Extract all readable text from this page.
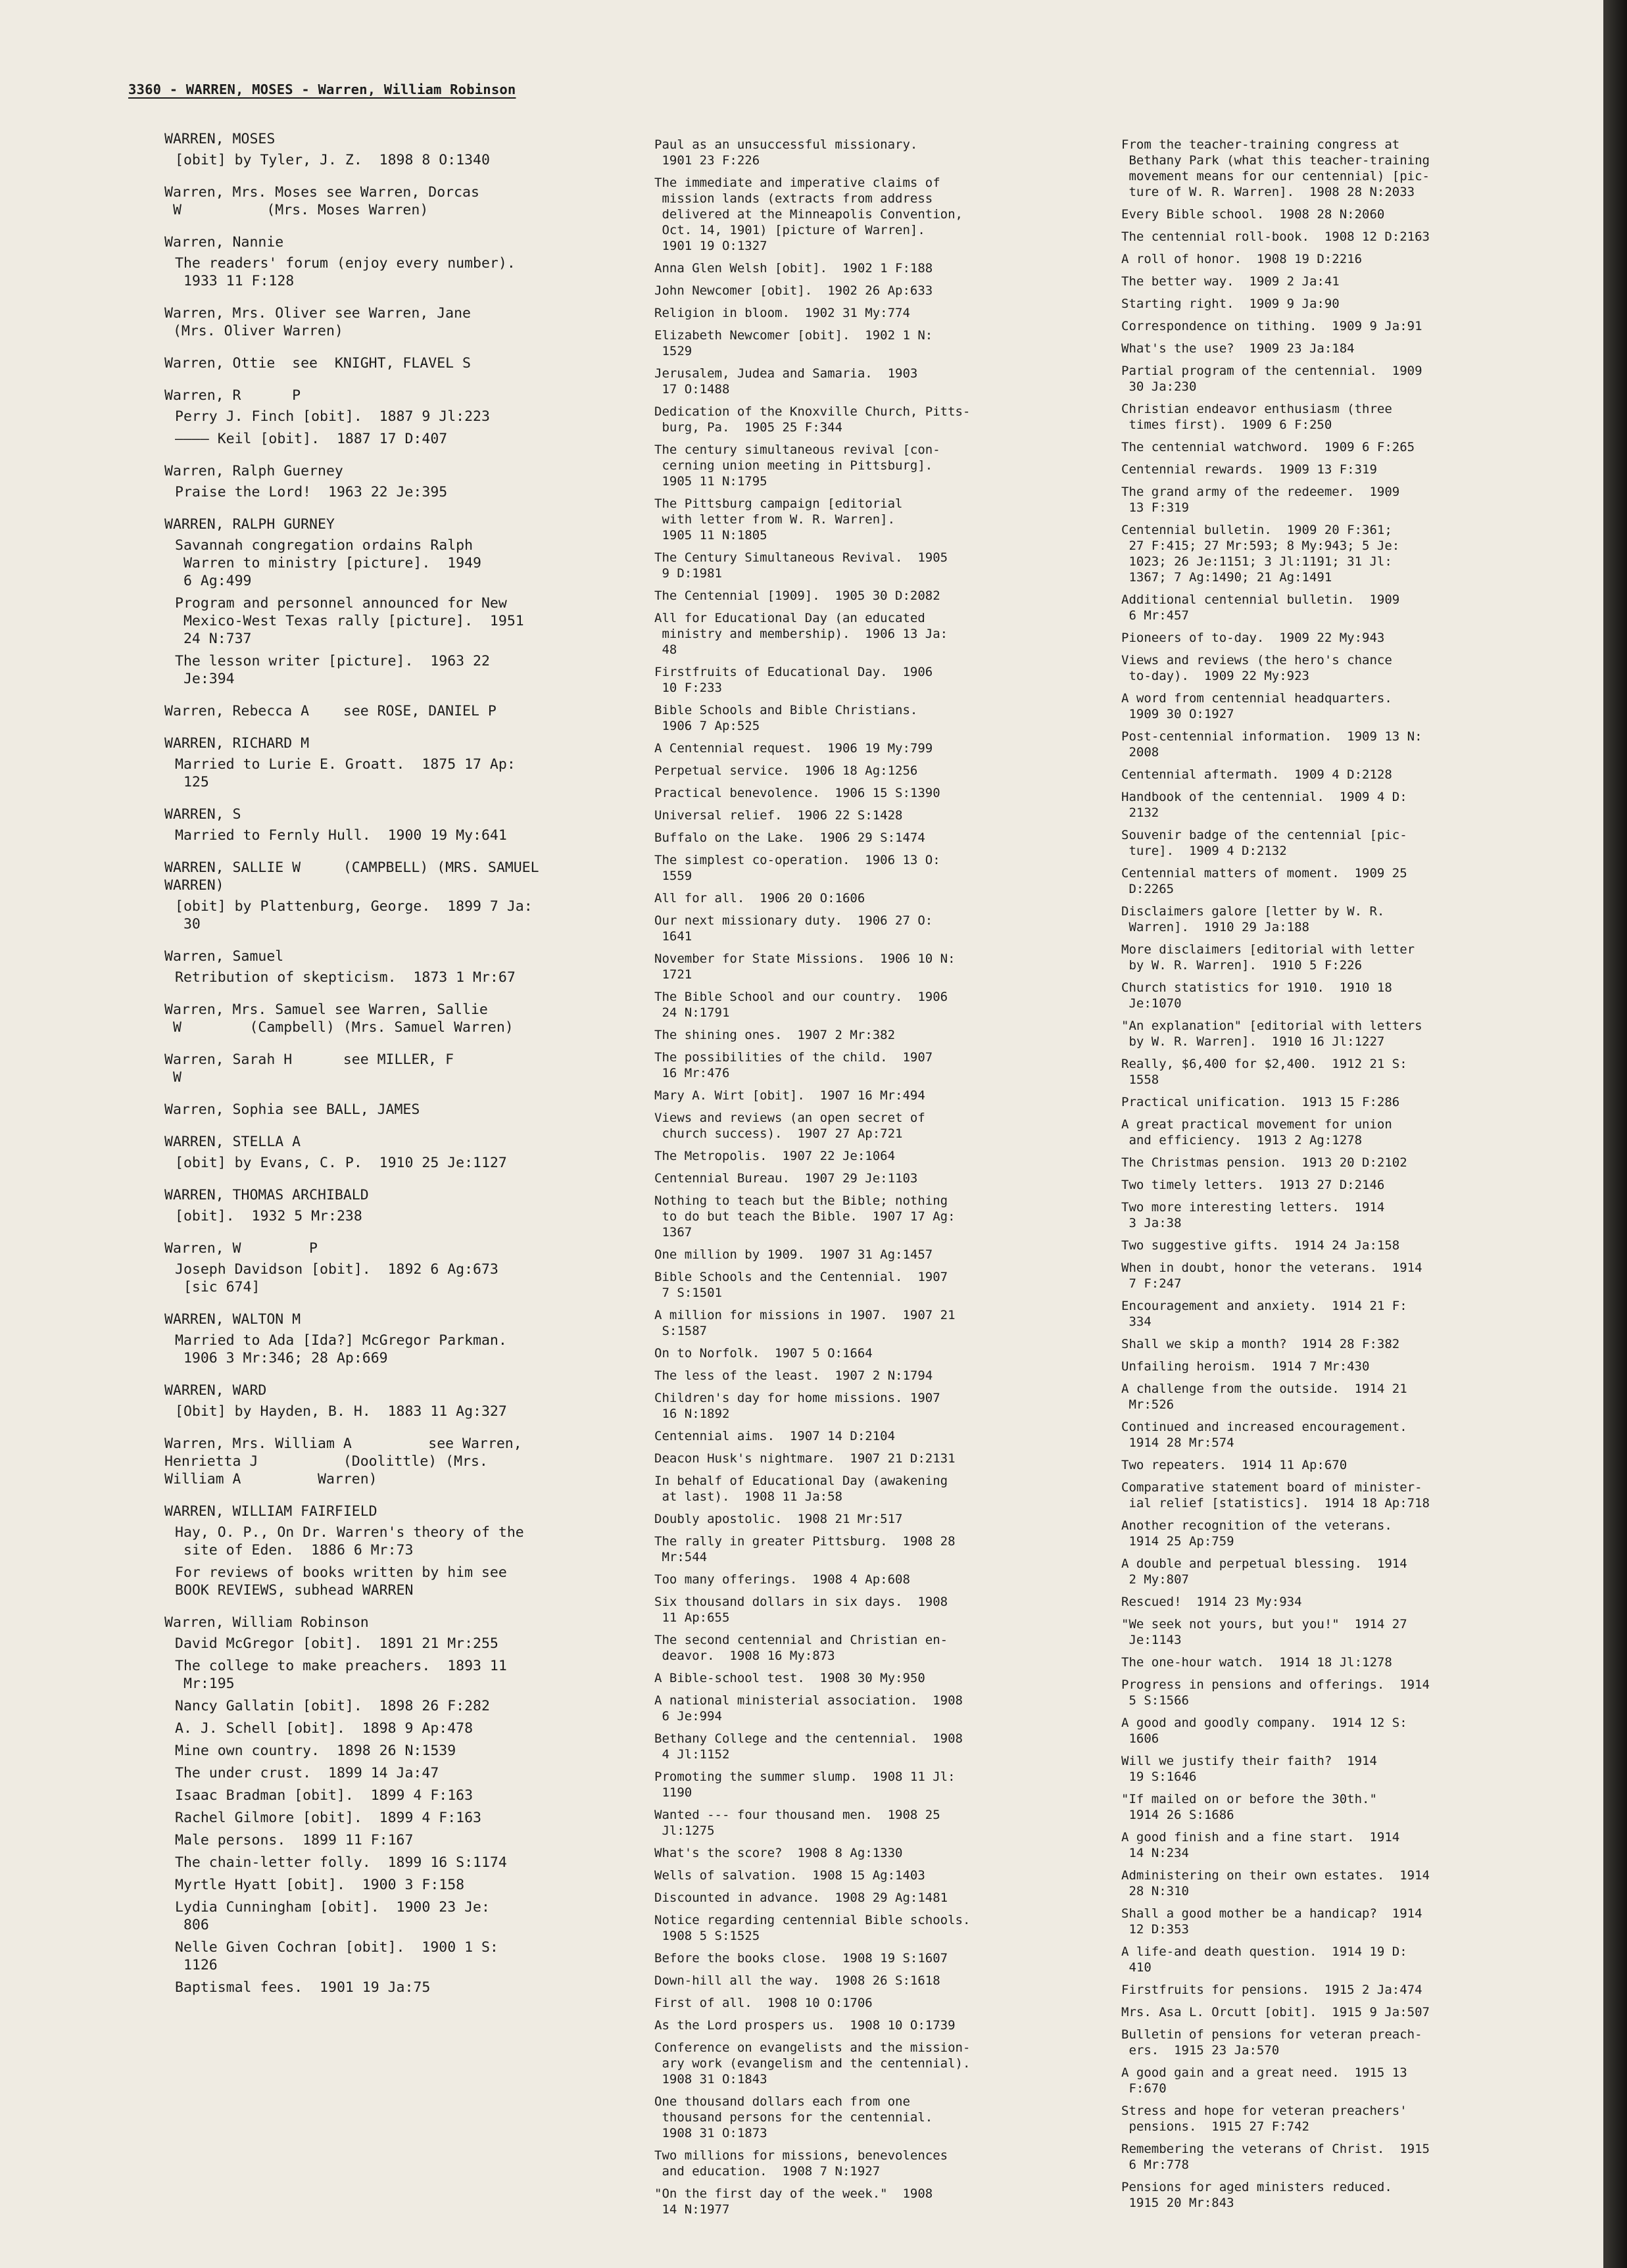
3360 - WARREN, MOSES - Warren, William Robinson
WARREN, MOSES
[obit] by Tyler, J. Z.  1898 8 O:1340
Warren, Mrs. Moses see Warren, Dorcas
W          (Mrs. Moses Warren)
Warren, Nannie
The readers' forum (enjoy every number).
1933 11 F:128
Warren, Mrs. Oliver see Warren, Jane
(Mrs. Oliver Warren)
Warren, Ottie  see  KNIGHT, FLAVEL S
Warren, R      P
Perry J. Finch [obit].  1887 9 Jl:223
———— Keil [obit].  1887 17 D:407
Warren, Ralph Guerney
Praise the Lord!  1963 22 Je:395
WARREN, RALPH GURNEY
Savannah congregation ordains Ralph
Warren to ministry [picture].  1949
6 Ag:499
Program and personnel announced for New
Mexico-West Texas rally [picture].  1951
24 N:737
The lesson writer [picture].  1963 22
Je:394
Warren, Rebecca A    see ROSE, DANIEL P
WARREN, RICHARD M
Married to Lurie E. Groatt.  1875 17 Ap:
125
WARREN, S
Married to Fernly Hull.  1900 19 My:641
WARREN, SALLIE W     (CAMPBELL) (MRS. SAMUEL
WARREN)
[obit] by Plattenburg, George.  1899 7 Ja:
30
Warren, Samuel
Retribution of skepticism.  1873 1 Mr:67
Warren, Mrs. Samuel see Warren, Sallie
W        (Campbell) (Mrs. Samuel Warren)
Warren, Sarah H      see MILLER, F
W
Warren, Sophia see BALL, JAMES
WARREN, STELLA A
[obit] by Evans, C. P.  1910 25 Je:1127
WARREN, THOMAS ARCHIBALD
[obit].  1932 5 Mr:238
Warren, W        P
Joseph Davidson [obit].  1892 6 Ag:673
[sic 674]
WARREN, WALTON M
Married to Ada [Ida?] McGregor Parkman.
1906 3 Mr:346; 28 Ap:669
WARREN, WARD
[Obit] by Hayden, B. H.  1883 11 Ag:327
Warren, Mrs. William A         see Warren,
Henrietta J          (Doolittle) (Mrs.
William A         Warren)
WARREN, WILLIAM FAIRFIELD
Hay, O. P., On Dr. Warren's theory of the
site of Eden.  1886 6 Mr:73
For reviews of books written by him see
BOOK REVIEWS, subhead WARREN
Warren, William Robinson
David McGregor [obit].  1891 21 Mr:255
The college to make preachers.  1893 11
Mr:195
Nancy Gallatin [obit].  1898 26 F:282
A. J. Schell [obit].  1898 9 Ap:478
Mine own country.  1898 26 N:1539
The under crust.  1899 14 Ja:47
Isaac Bradman [obit].  1899 4 F:163
Rachel Gilmore [obit].  1899 4 F:163
Male persons.  1899 11 F:167
The chain-letter folly.  1899 16 S:1174
Myrtle Hyatt [obit].  1900 3 F:158
Lydia Cunningham [obit].  1900 23 Je:
806
Nelle Given Cochran [obit].  1900 1 S:
1126
Baptismal fees.  1901 19 Ja:75
Paul as an unsuccessful missionary.
1901 23 F:226
The immediate and imperative claims of
mission lands (extracts from address
delivered at the Minneapolis Convention,
Oct. 14, 1901) [picture of Warren].
1901 19 O:1327
Anna Glen Welsh [obit].  1902 1 F:188
John Newcomer [obit].  1902 26 Ap:633
Religion in bloom.  1902 31 My:774
Elizabeth Newcomer [obit].  1902 1 N:
1529
Jerusalem, Judea and Samaria.  1903
17 O:1488
Dedication of the Knoxville Church, Pitts-
burg, Pa.  1905 25 F:344
The century simultaneous revival [con-
cerning union meeting in Pittsburg].
1905 11 N:1795
The Pittsburg campaign [editorial
with letter from W. R. Warren].
1905 11 N:1805
The Century Simultaneous Revival.  1905
9 D:1981
The Centennial [1909].  1905 30 D:2082
All for Educational Day (an educated
ministry and membership).  1906 13 Ja:
48
Firstfruits of Educational Day.  1906
10 F:233
Bible Schools and Bible Christians.
1906 7 Ap:525
A Centennial request.  1906 19 My:799
Perpetual service.  1906 18 Ag:1256
Practical benevolence.  1906 15 S:1390
Universal relief.  1906 22 S:1428
Buffalo on the Lake.  1906 29 S:1474
The simplest co-operation.  1906 13 O:
1559
All for all.  1906 20 O:1606
Our next missionary duty.  1906 27 O:
1641
November for State Missions.  1906 10 N:
1721
The Bible School and our country.  1906
24 N:1791
The shining ones.  1907 2 Mr:382
The possibilities of the child.  1907
16 Mr:476
Mary A. Wirt [obit].  1907 16 Mr:494
Views and reviews (an open secret of
church success).  1907 27 Ap:721
The Metropolis.  1907 22 Je:1064
Centennial Bureau.  1907 29 Je:1103
Nothing to teach but the Bible; nothing
to do but teach the Bible.  1907 17 Ag:
1367
One million by 1909.  1907 31 Ag:1457
Bible Schools and the Centennial.  1907
7 S:1501
A million for missions in 1907.  1907 21
S:1587
On to Norfolk.  1907 5 O:1664
The less of the least.  1907 2 N:1794
Children's day for home missions. 1907
16 N:1892
Centennial aims.  1907 14 D:2104
Deacon Husk's nightmare.  1907 21 D:2131
In behalf of Educational Day (awakening
at last).  1908 11 Ja:58
Doubly apostolic.  1908 21 Mr:517
The rally in greater Pittsburg.  1908 28
Mr:544
Too many offerings.  1908 4 Ap:608
Six thousand dollars in six days.  1908
11 Ap:655
The second centennial and Christian en-
deavor.  1908 16 My:873
A Bible-school test.  1908 30 My:950
A national ministerial association.  1908
6 Je:994
Bethany College and the centennial.  1908
4 Jl:1152
Promoting the summer slump.  1908 11 Jl:
1190
Wanted --- four thousand men.  1908 25
Jl:1275
What's the score?  1908 8 Ag:1330
Wells of salvation.  1908 15 Ag:1403
Discounted in advance.  1908 29 Ag:1481
Notice regarding centennial Bible schools.
1908 5 S:1525
Before the books close.  1908 19 S:1607
Down-hill all the way.  1908 26 S:1618
First of all.  1908 10 O:1706
As the Lord prospers us.  1908 10 O:1739
Conference on evangelists and the mission-
ary work (evangelism and the centennial).
1908 31 O:1843
One thousand dollars each from one
thousand persons for the centennial.
1908 31 O:1873
Two millions for missions, benevolences
and education.  1908 7 N:1927
"On the first day of the week."  1908
14 N:1977
From the teacher-training congress at
Bethany Park (what this teacher-training
movement means for our centennial) [pic-
ture of W. R. Warren].  1908 28 N:2033
Every Bible school.  1908 28 N:2060
The centennial roll-book.  1908 12 D:2163
A roll of honor.  1908 19 D:2216
The better way.  1909 2 Ja:41
Starting right.  1909 9 Ja:90
Correspondence on tithing.  1909 9 Ja:91
What's the use?  1909 23 Ja:184
Partial program of the centennial.  1909
30 Ja:230
Christian endeavor enthusiasm (three
times first).  1909 6 F:250
The centennial watchword.  1909 6 F:265
Centennial rewards.  1909 13 F:319
The grand army of the redeemer.  1909
13 F:319
Centennial bulletin.  1909 20 F:361;
27 F:415; 27 Mr:593; 8 My:943; 5 Je:
1023; 26 Je:1151; 3 Jl:1191; 31 Jl:
1367; 7 Ag:1490; 21 Ag:1491
Additional centennial bulletin.  1909
6 Mr:457
Pioneers of to-day.  1909 22 My:943
Views and reviews (the hero's chance
to-day).  1909 22 My:923
A word from centennial headquarters.
1909 30 O:1927
Post-centennial information.  1909 13 N:
2008
Centennial aftermath.  1909 4 D:2128
Handbook of the centennial.  1909 4 D:
2132
Souvenir badge of the centennial [pic-
ture].  1909 4 D:2132
Centennial matters of moment.  1909 25
D:2265
Disclaimers galore [letter by W. R.
Warren].  1910 29 Ja:188
More disclaimers [editorial with letter
by W. R. Warren].  1910 5 F:226
Church statistics for 1910.  1910 18
Je:1070
"An explanation" [editorial with letters
by W. R. Warren].  1910 16 Jl:1227
Really, $6,400 for $2,400.  1912 21 S:
1558
Practical unification.  1913 15 F:286
A great practical movement for union
and efficiency.  1913 2 Ag:1278
The Christmas pension.  1913 20 D:2102
Two timely letters.  1913 27 D:2146
Two more interesting letters.  1914
3 Ja:38
Two suggestive gifts.  1914 24 Ja:158
When in doubt, honor the veterans.  1914
7 F:247
Encouragement and anxiety.  1914 21 F:
334
Shall we skip a month?  1914 28 F:382
Unfailing heroism.  1914 7 Mr:430
A challenge from the outside.  1914 21
Mr:526
Continued and increased encouragement.
1914 28 Mr:574
Two repeaters.  1914 11 Ap:670
Comparative statement board of minister-
ial relief [statistics].  1914 18 Ap:718
Another recognition of the veterans.
1914 25 Ap:759
A double and perpetual blessing.  1914
2 My:807
Rescued!  1914 23 My:934
"We seek not yours, but you!"  1914 27
Je:1143
The one-hour watch.  1914 18 Jl:1278
Progress in pensions and offerings.  1914
5 S:1566
A good and goodly company.  1914 12 S:
1606
Will we justify their faith?  1914
19 S:1646
"If mailed on or before the 30th."
1914 26 S:1686
A good finish and a fine start.  1914
14 N:234
Administering on their own estates.  1914
28 N:310
Shall a good mother be a handicap?  1914
12 D:353
A life-and death question.  1914 19 D:
410
Firstfruits for pensions.  1915 2 Ja:474
Mrs. Asa L. Orcutt [obit].  1915 9 Ja:507
Bulletin of pensions for veteran preach-
ers.  1915 23 Ja:570
A good gain and a great need.  1915 13
F:670
Stress and hope for veteran preachers'
pensions.  1915 27 F:742
Remembering the veterans of Christ.  1915
6 Mr:778
Pensions for aged ministers reduced.
1915 20 Mr:843
